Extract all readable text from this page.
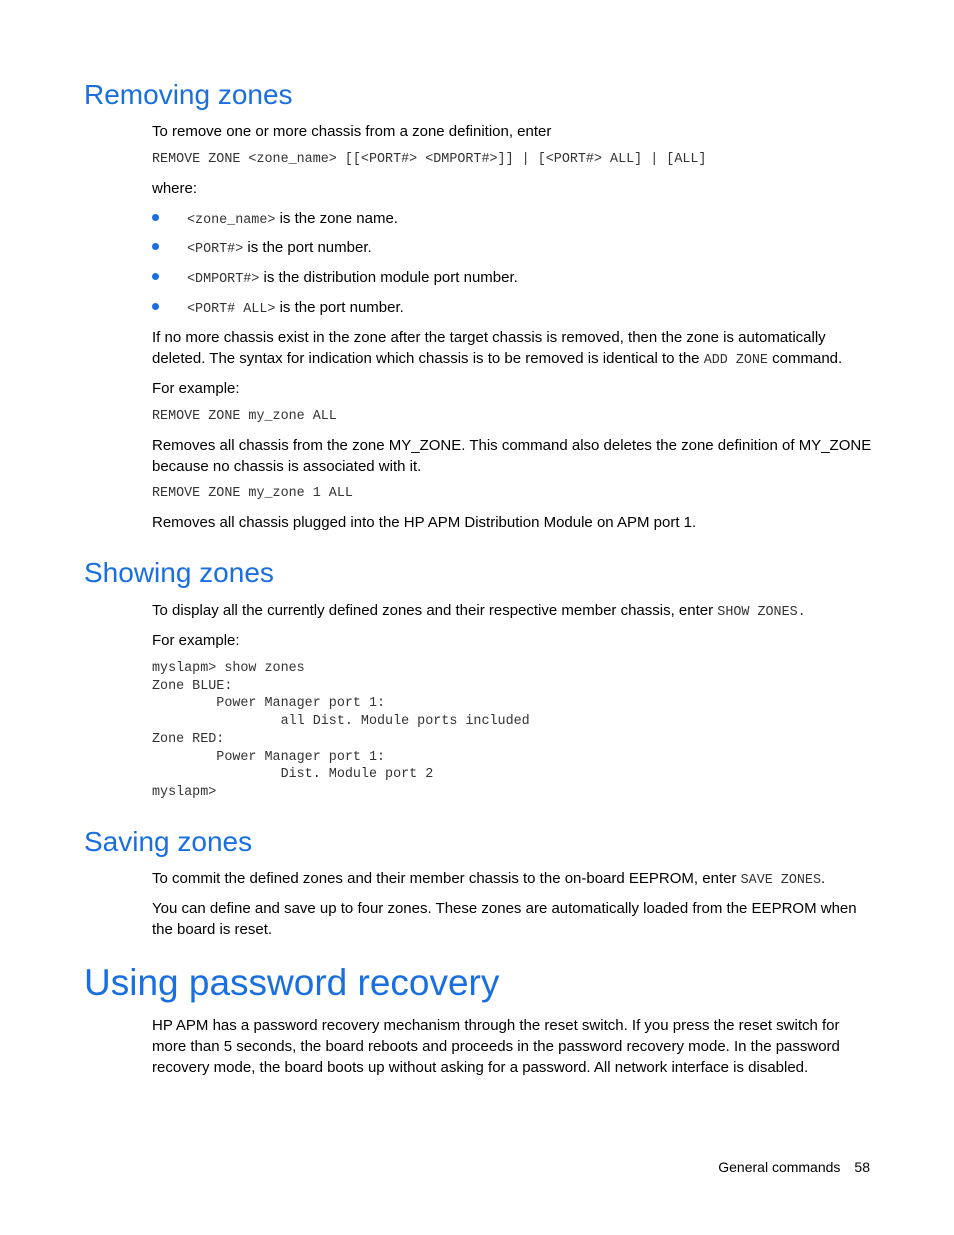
Removing zones

To remove one or more chassis from a zone definition, enter

REMOVE ZONE <zone_name> [[<PORT#> <DMPORT#>]] | [<PORT#> ALL] | [ALL]

where:

<zone_name> is the zone name.
<PORT#> is the port number.
<DMPORT#> is the distribution module port number.
<PORT# ALL> is the port number.

If no more chassis exist in the zone after the target chassis is removed, then the zone is automatically deleted. The syntax for indication which chassis is to be removed is identical to the ADD ZONE command.

For example:

REMOVE ZONE my_zone ALL

Removes all chassis from the zone MY_ZONE. This command also deletes the zone definition of MY_ZONE because no chassis is associated with it.

REMOVE ZONE my_zone 1 ALL

Removes all chassis plugged into the HP APM Distribution Module on APM port 1.

Showing zones

To display all the currently defined zones and their respective member chassis, enter SHOW ZONES.

For example:

myslapm> show zones
Zone BLUE:
Power Manager port 1:
all Dist. Module ports included
Zone RED:
Power Manager port 1:
Dist. Module port 2
myslapm>
Saving zones

To commit the defined zones and their member chassis to the on-board EEPROM, enter SAVE ZONES.

You can define and save up to four zones. These zones are automatically loaded from the EEPROM when the board is reset.

Using password recovery

HP APM has a password recovery mechanism through the reset switch. If you press the reset switch for more than 5 seconds, the board reboots and proceeds in the password recovery mode. In the password recovery mode, the board boots up without asking for a password. All network interface is disabled.

General commands 58
